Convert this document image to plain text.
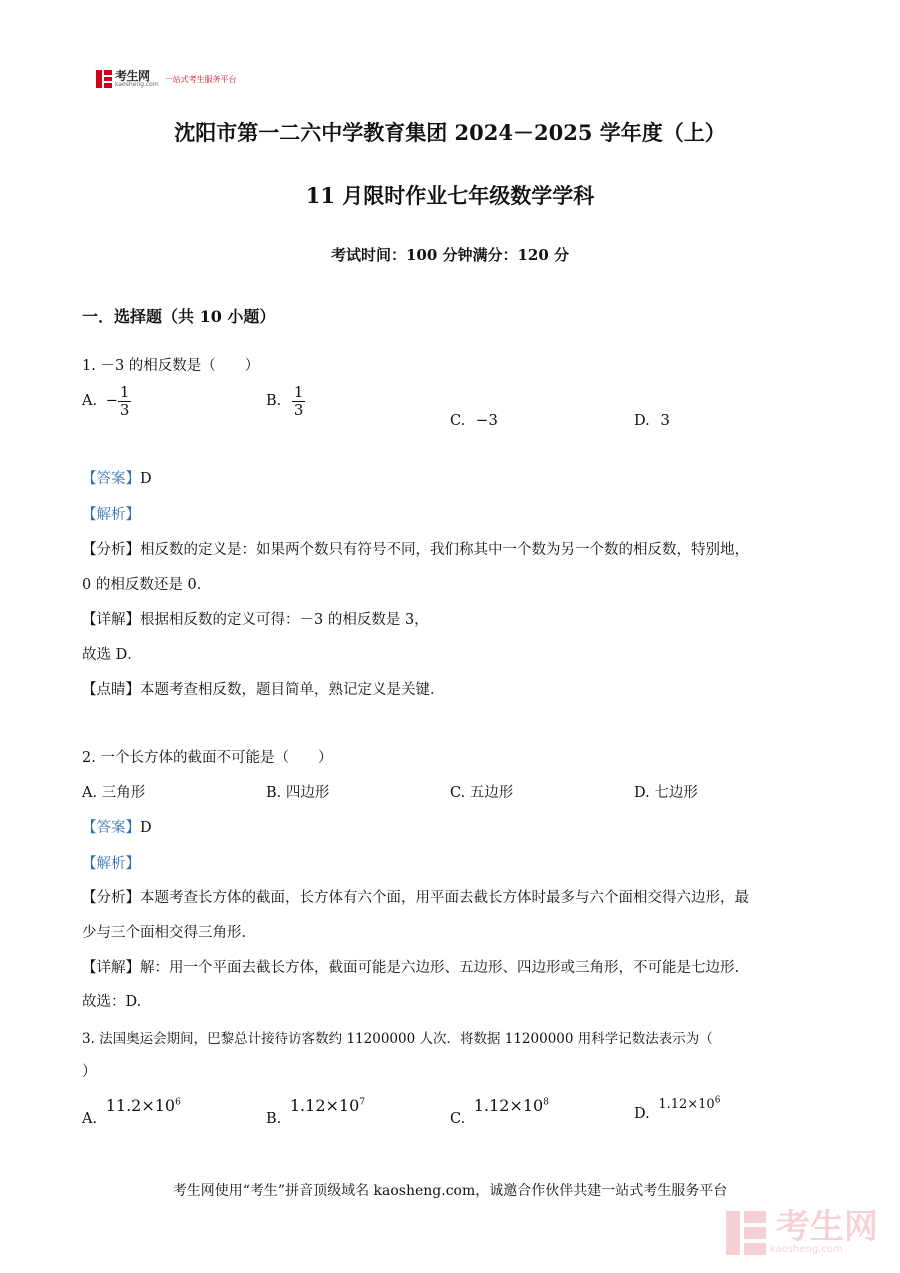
考生网
kaosheng.com
一站式考生服务平台
沈阳市第一二六中学教育集团 2024－2025 学年度（上）
11 月限时作业七年级数学学科
考试时间：100 分钟满分：120 分
一．选择题（共 10 小题）
1. －3 的相反数是（　　）
A. − $\frac{1}{3}$	B. $\frac{1}{3}$
C. −3	D. 3
【答案】D
【解析】
【分析】相反数的定义是：如果两个数只有符号不同，我们称其中一个数为另一个数的相反数，特别地，
0 的相反数还是 0.
【详解】根据相反数的定义可得：－3 的相反数是 3，
故选 D．
【点睛】本题考查相反数，题目简单，熟记定义是关键．
2. 一个长方体的截面不可能是（　　）
A. 三角形	B. 四边形	C. 五边形	D. 七边形
【答案】D
【解析】
【分析】本题考查长方体的截面，长方体有六个面，用平面去截长方体时最多与六个面相交得六边形，最
少与三个面相交得三角形.
【详解】解：用一个平面去截长方体，截面可能是六边形、五边形、四边形或三角形，不可能是七边形.
故选：D.
3. 法国奥运会期间，巴黎总计接待访客数约 11200000 人次．将数据 11200000 用科学记数法表示为（
）
A. $11.2\times 10^6$
B. $1.12\times 10^7$
C. $1.12\times 10^8$
D. $1.12\times 10^6$
考生网使用“考生”拼音顶级域名 kaosheng.com，诚邀合作伙伴共建一站式考生服务平台
考生网
kaosheng.com
